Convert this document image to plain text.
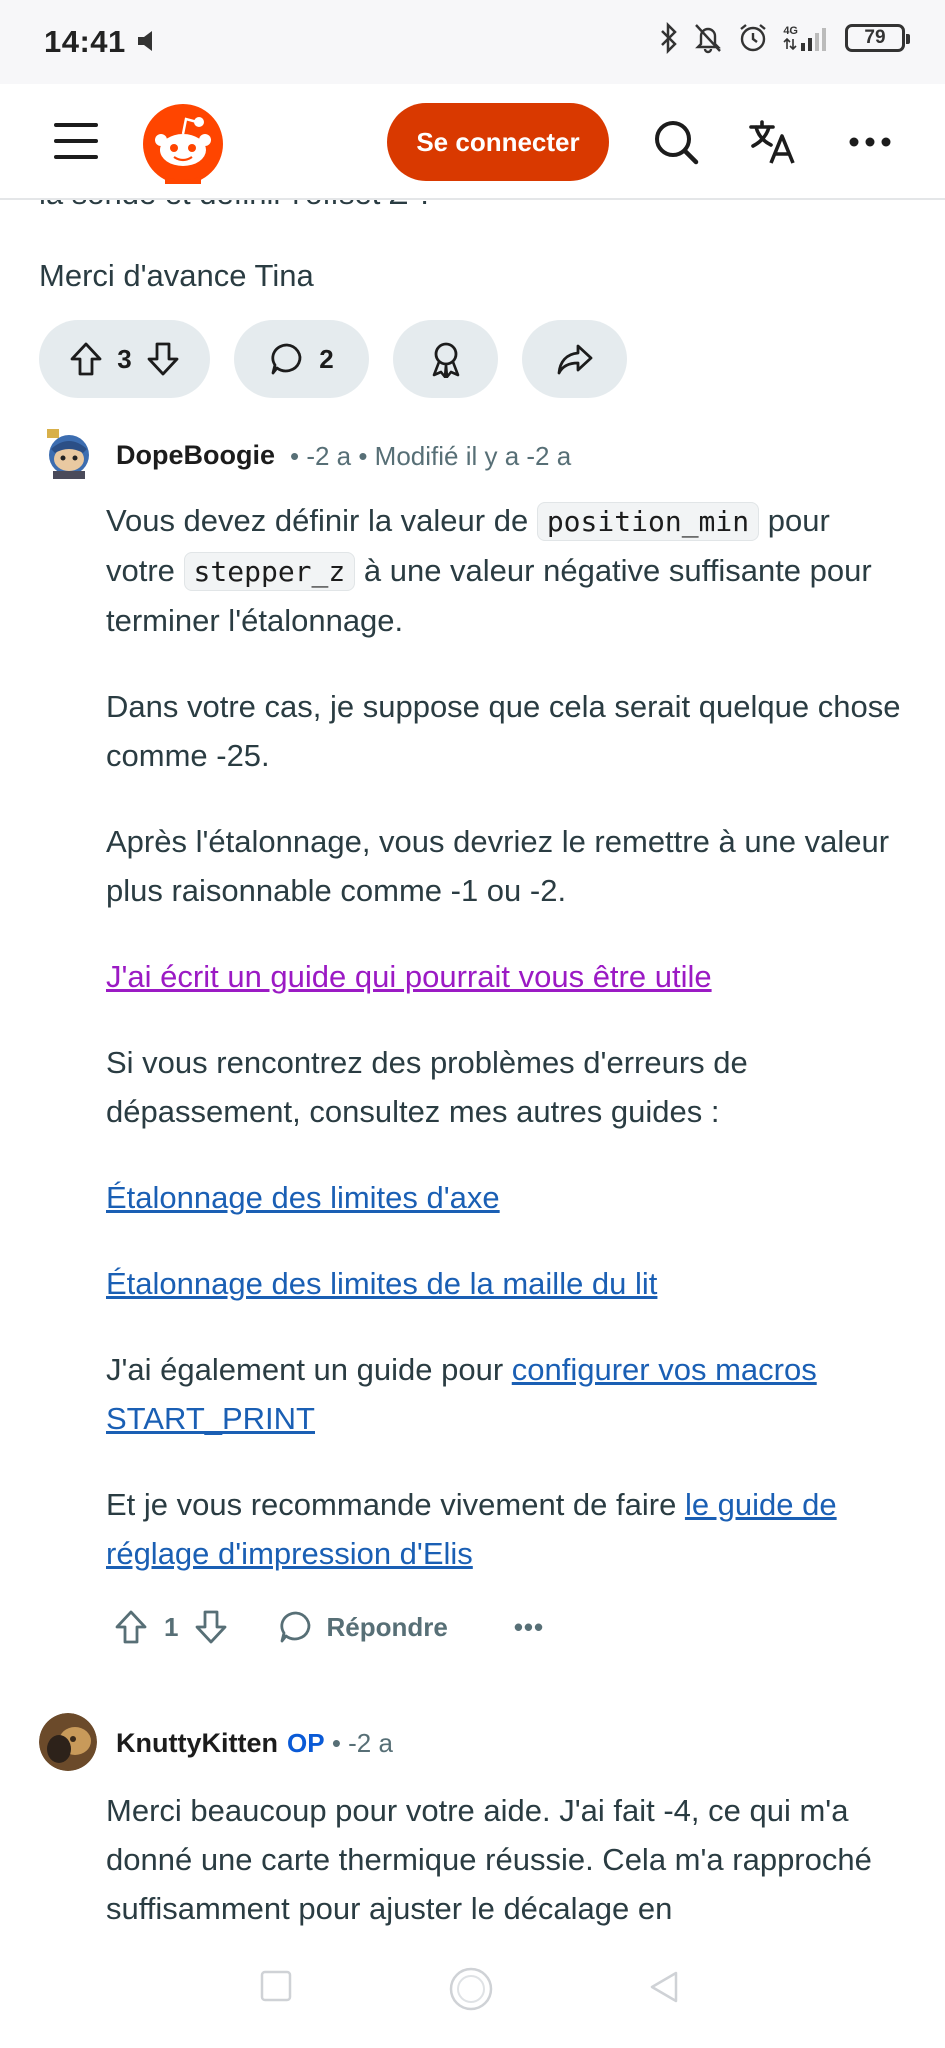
14:41	4G	79
Se connecter
Merci d'avance Tina
3	2
DopeBoogie • -2 a • Modifié il y a -2 a

Vous devez définir la valeur de position_min pour votre stepper_z à une valeur négative suffisante pour terminer l'étalonnage.

Dans votre cas, je suppose que cela serait quelque chose comme -25.

Après l'étalonnage, vous devriez le remettre à une valeur plus raisonnable comme -1 ou -2.

J'ai écrit un guide qui pourrait vous être utile

Si vous rencontrez des problèmes d'erreurs de dépassement, consultez mes autres guides :

Étalonnage des limites d'axe

Étalonnage des limites de la maille du lit

J'ai également un guide pour configurer vos macros START_PRINT

Et je vous recommande vivement de faire le guide de réglage d'impression d'Elis

1	Répondre	•••
KnuttyKitten OP • -2 a
Merci beaucoup pour votre aide. J'ai fait -4, ce qui m'a donné une carte thermique réussie. Cela m'a rapproché suffisamment pour ajuster le décalage en
